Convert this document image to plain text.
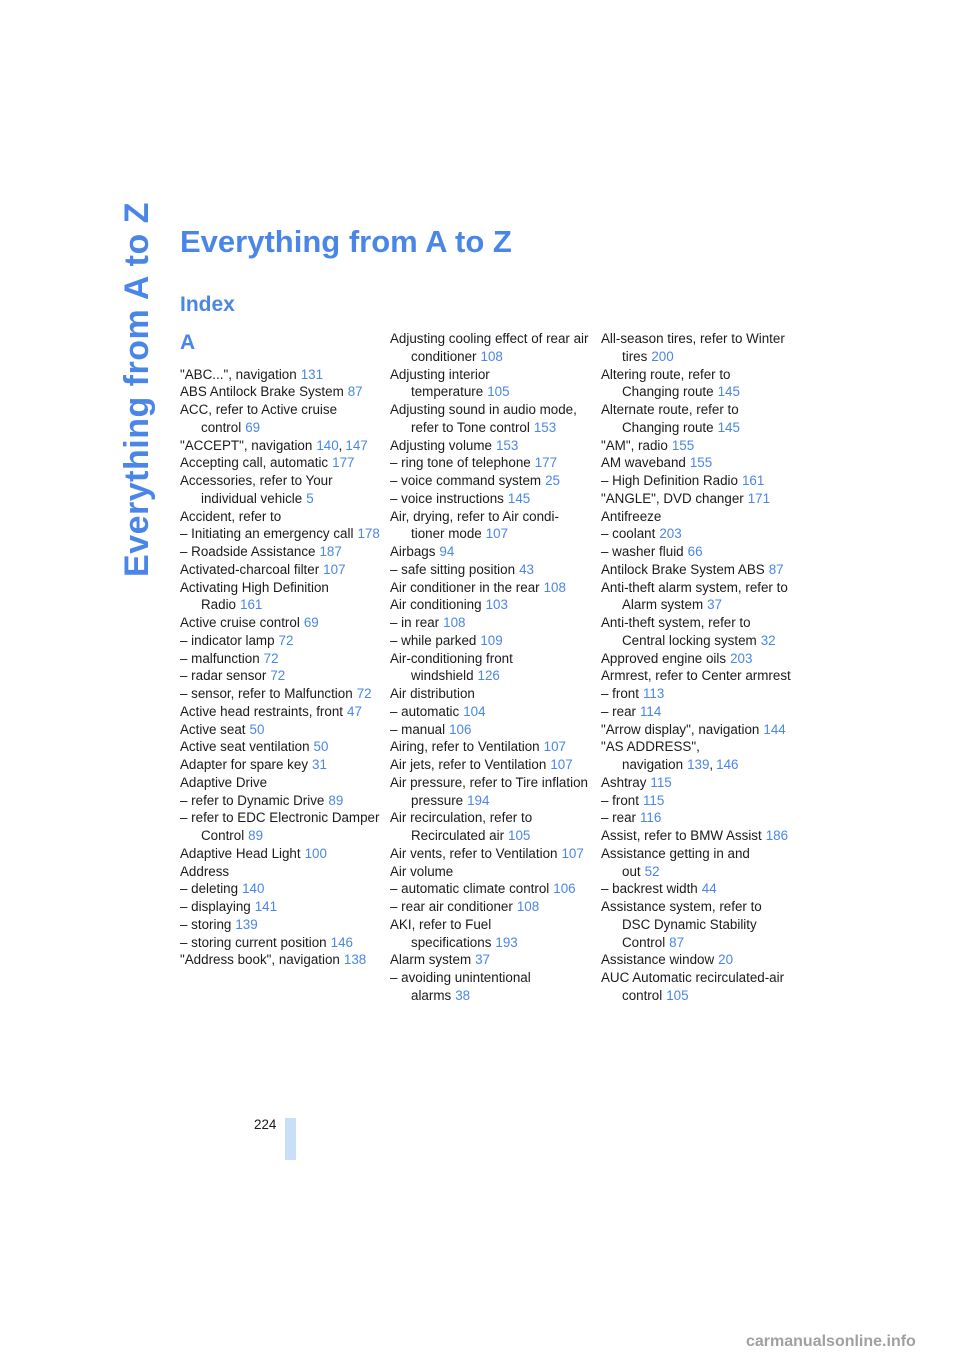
Everything from A to Z Everything from A to Z
Index
A
"ABC...", navigation 131
ABS Antilock Brake System 87
ACC, refer to Active cruise control 69
"ACCEPT", navigation 140, 147
Accepting call, automatic 177
Accessories, refer to Your individual vehicle 5
Accident, refer to
– Initiating an emergency call 178
– Roadside Assistance 187
Activated-charcoal filter 107
Activating High Definition Radio 161
Active cruise control 69
– indicator lamp 72
– malfunction 72
– radar sensor 72
– sensor, refer to Malfunction 72
Active head restraints, front 47
Active seat 50
Active seat ventilation 50
Adapter for spare key 31
Adaptive Drive
– refer to Dynamic Drive 89
– refer to EDC Electronic Damper Control 89
Adaptive Head Light 100
Address
– deleting 140
– displaying 141
– storing 139
– storing current position 146
"Address book", navigation 138
Adjusting cooling effect of rear air conditioner 108
Adjusting interior temperature 105
Adjusting sound in audio mode, refer to Tone control 153
Adjusting volume 153
– ring tone of telephone 177
– voice command system 25
– voice instructions 145
Air, drying, refer to Air condi-tioner mode 107
Airbags 94
– safe sitting position 43
Air conditioner in the rear 108
Air conditioning 103
– in rear 108
– while parked 109
Air-conditioning front windshield 126
Air distribution
– automatic 104
– manual 106
Airing, refer to Ventilation 107
Air jets, refer to Ventilation 107
Air pressure, refer to Tire inflation pressure 194
Air recirculation, refer to Recirculated air 105
Air vents, refer to Ventilation 107
Air volume
– automatic climate control 106
– rear air conditioner 108
AKI, refer to Fuel specifications 193
Alarm system 37
– avoiding unintentional alarms 38
All-season tires, refer to Winter tires 200
Altering route, refer to Changing route 145
Alternate route, refer to Changing route 145
"AM", radio 155
AM waveband 155
– High Definition Radio 161
"ANGLE", DVD changer 171
Antifreeze
– coolant 203
– washer fluid 66
Antilock Brake System ABS 87
Anti-theft alarm system, refer to Alarm system 37
Anti-theft system, refer to Central locking system 32
Approved engine oils 203
Armrest, refer to Center armrest
– front 113
– rear 114
"Arrow display", navigation 144
"AS ADDRESS", navigation 139, 146
Ashtray 115
– front 115
– rear 116
Assist, refer to BMW Assist 186
Assistance getting in and out 52
– backrest width 44
Assistance system, refer to DSC Dynamic Stability Control 87
Assistance window 20
AUC Automatic recirculated-air control 105
224
carmanualsonline.info
